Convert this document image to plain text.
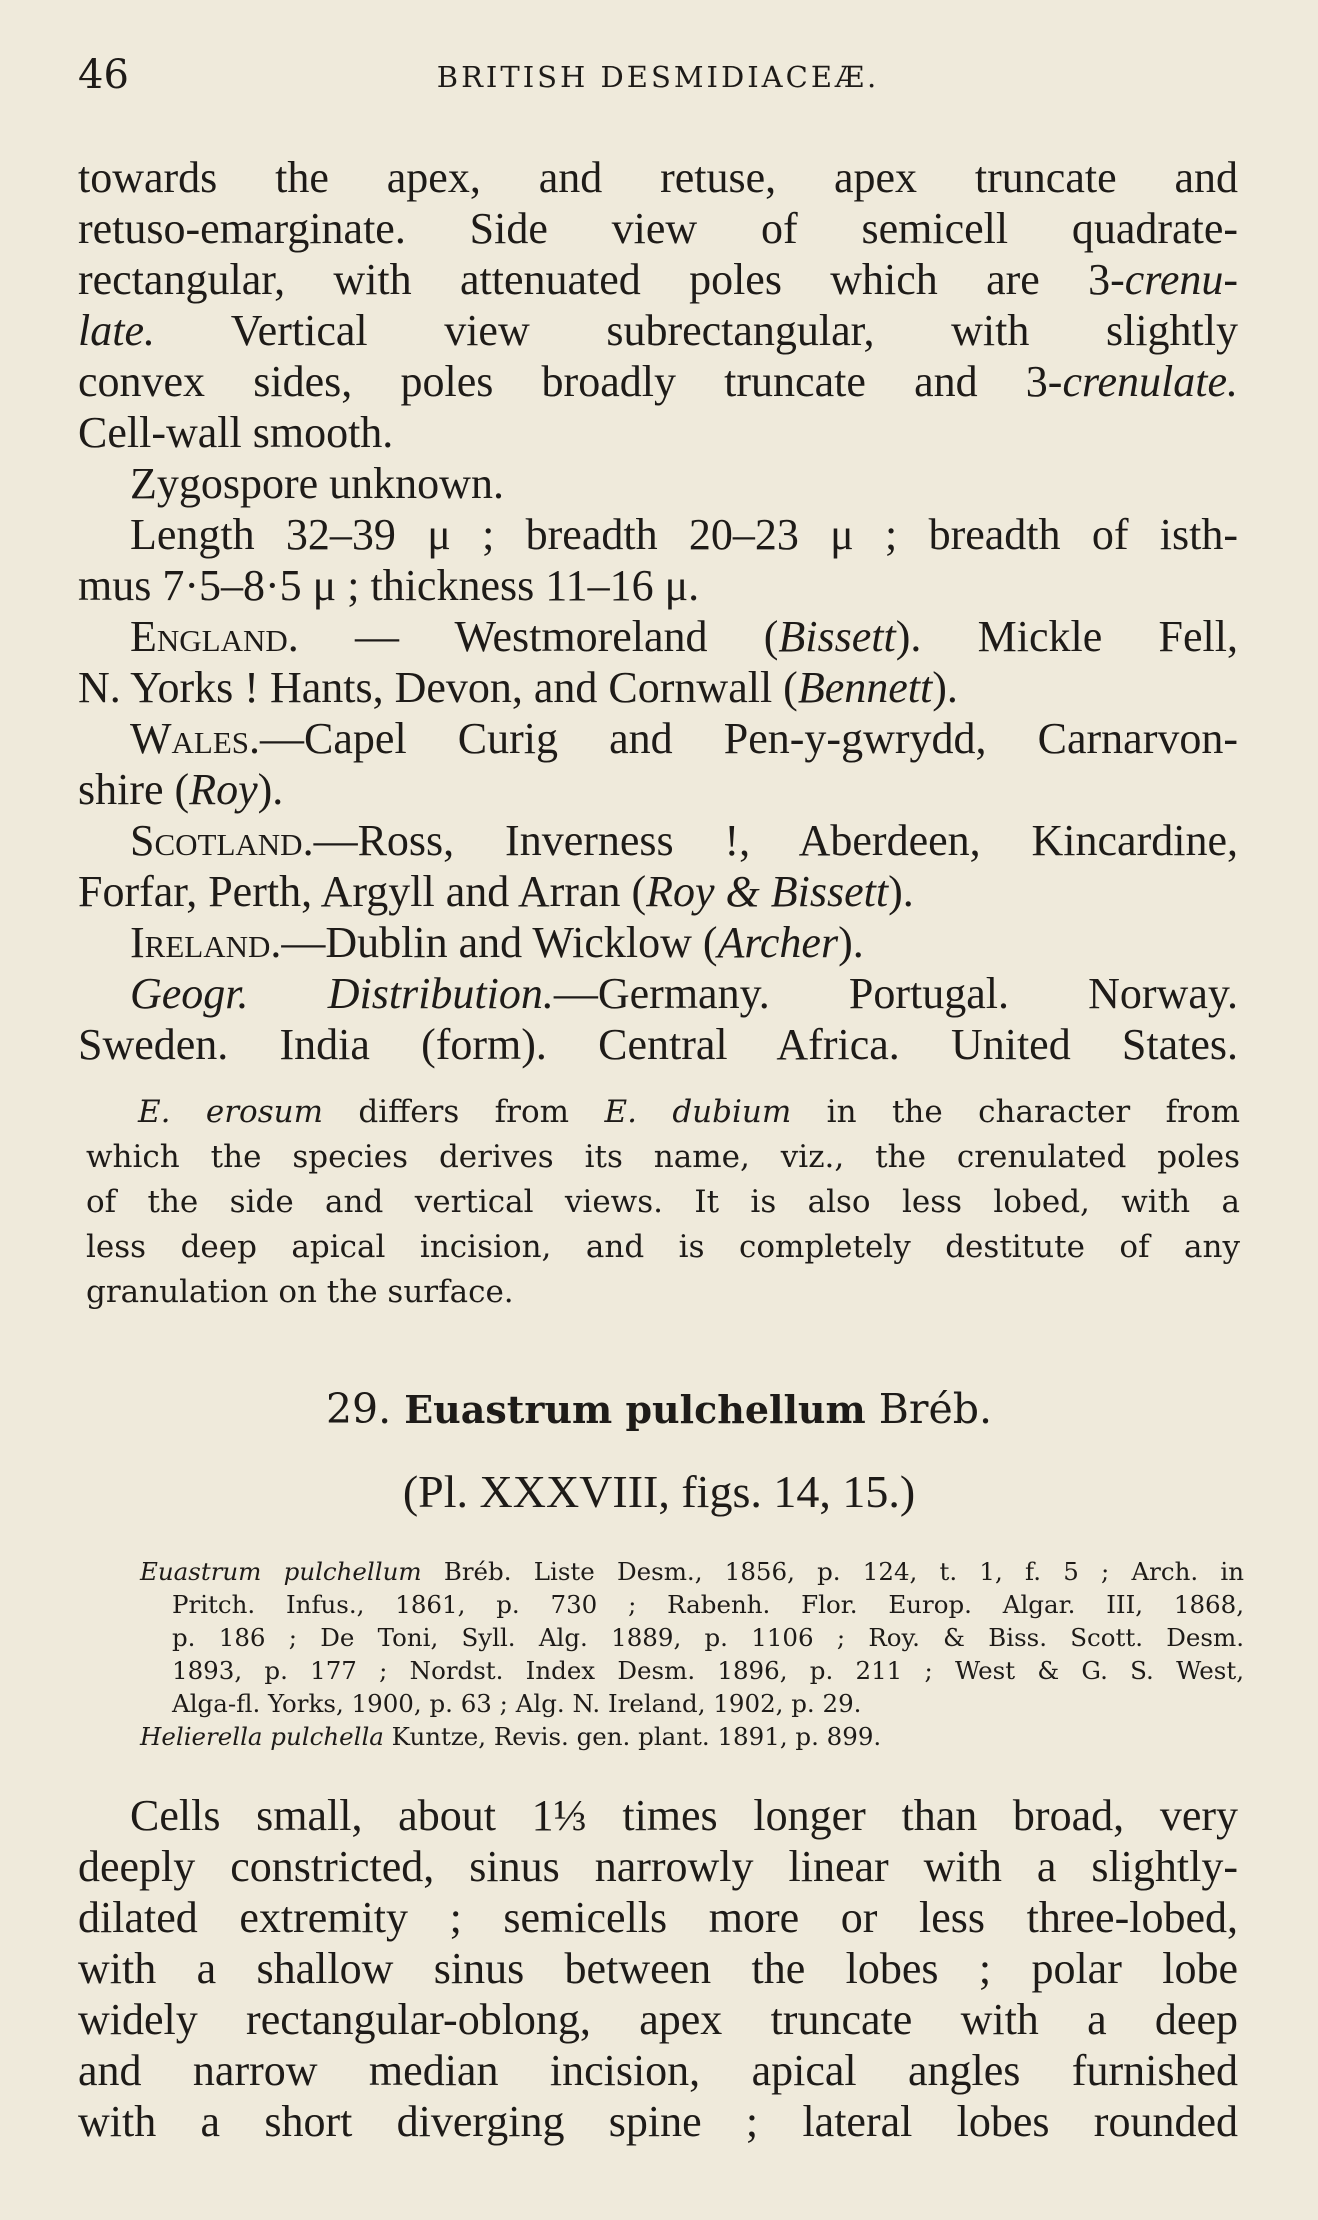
46	BRITISH DESMIDIACEÆ.
towards the apex, and retuse, apex truncate and
retuso-emarginate. Side view of semicell quadrate-
rectangular, with attenuated poles which are 3-crenu-
late. Vertical view subrectangular, with slightly
convex sides, poles broadly truncate and 3-crenulate.
Cell-wall smooth.
Zygospore unknown.
Length 32–39 μ ; breadth 20–23 μ ; breadth of isth-
mus 7·5–8·5 μ ; thickness 11–16 μ.
England. — Westmoreland (Bissett). Mickle Fell,
N. Yorks ! Hants, Devon, and Cornwall (Bennett).
Wales.—Capel Curig and Pen-y-gwrydd, Carnarvon-
shire (Roy).
Scotland.—Ross, Inverness !, Aberdeen, Kincardine,
Forfar, Perth, Argyll and Arran (Roy & Bissett).
Ireland.—Dublin and Wicklow (Archer).
Geogr. Distribution.—Germany. Portugal. Norway.
Sweden. India (form). Central Africa. United States.
E. erosum differs from E. dubium in the character from
which the species derives its name, viz., the crenulated poles
of the side and vertical views. It is also less lobed, with a
less deep apical incision, and is completely destitute of any
granulation on the surface.
29. Euastrum pulchellum Bréb.
(Pl. XXXVIII, figs. 14, 15.)
Euastrum pulchellum Bréb. Liste Desm., 1856, p. 124, t. 1, f. 5 ; Arch. in
Pritch. Infus., 1861, p. 730 ; Rabenh. Flor. Europ. Algar. III, 1868,
p. 186 ; De Toni, Syll. Alg. 1889, p. 1106 ; Roy. & Biss. Scott. Desm.
1893, p. 177 ; Nordst. Index Desm. 1896, p. 211 ; West & G. S. West,
Alga-fl. Yorks, 1900, p. 63 ; Alg. N. Ireland, 1902, p. 29.
Helierella pulchella Kuntze, Revis. gen. plant. 1891, p. 899.
Cells small, about 1⅓ times longer than broad, very
deeply constricted, sinus narrowly linear with a slightly-
dilated extremity ; semicells more or less three-lobed,
with a shallow sinus between the lobes ; polar lobe
widely rectangular-oblong, apex truncate with a deep
and narrow median incision, apical angles furnished
with a short diverging spine ; lateral lobes rounded
